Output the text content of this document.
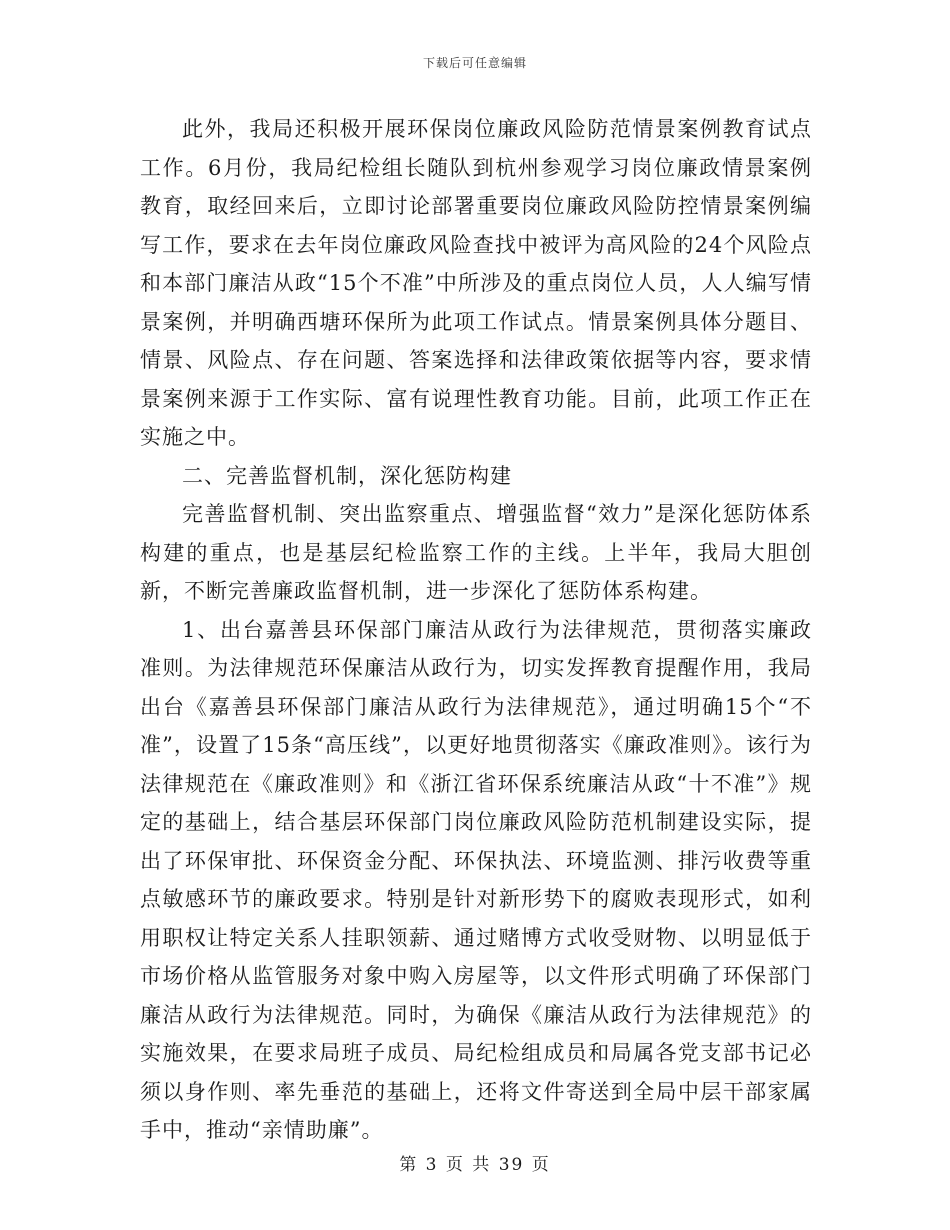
下载后可任意编辑

此外，我局还积极开展环保岗位廉政风险防范情景案例教育试点工作。6月份，我局纪检组长随队到杭州参观学习岗位廉政情景案例教育，取经回来后，立即讨论部署重要岗位廉政风险防控情景案例编写工作，要求在去年岗位廉政风险查找中被评为高风险的24个风险点和本部门廉洁从政“15个不准”中所涉及的重点岗位人员，人人编写情景案例，并明确西塘环保所为此项工作试点。情景案例具体分题目、情景、风险点、存在问题、答案选择和法律政策依据等内容，要求情景案例来源于工作实际、富有说理性教育功能。目前，此项工作正在实施之中。

二、完善监督机制，深化惩防构建

完善监督机制、突出监察重点、增强监督“效力”是深化惩防体系构建的重点，也是基层纪检监察工作的主线。上半年，我局大胆创新，不断完善廉政监督机制，进一步深化了惩防体系构建。

1、出台嘉善县环保部门廉洁从政行为法律规范，贯彻落实廉政准则。为法律规范环保廉洁从政行为，切实发挥教育提醒作用，我局出台《嘉善县环保部门廉洁从政行为法律规范》，通过明确15个“不准”，设置了15条“高压线”，以更好地贯彻落实《廉政准则》。该行为法律规范在《廉政准则》和《浙江省环保系统廉洁从政“十不准”》规定的基础上，结合基层环保部门岗位廉政风险防范机制建设实际，提出了环保审批、环保资金分配、环保执法、环境监测、排污收费等重点敏感环节的廉政要求。特别是针对新形势下的腐败表现形式，如利用职权让特定关系人挂职领薪、通过赌博方式收受财物、以明显低于市场价格从监管服务对象中购入房屋等，以文件形式明确了环保部门廉洁从政行为法律规范。同时，为确保《廉洁从政行为法律规范》的实施效果，在要求局班子成员、局纪检组成员和局属各党支部书记必须以身作则、率先垂范的基础上，还将文件寄送到全局中层干部家属手中，推动“亲情助廉”。

第 3 页 共 39 页
